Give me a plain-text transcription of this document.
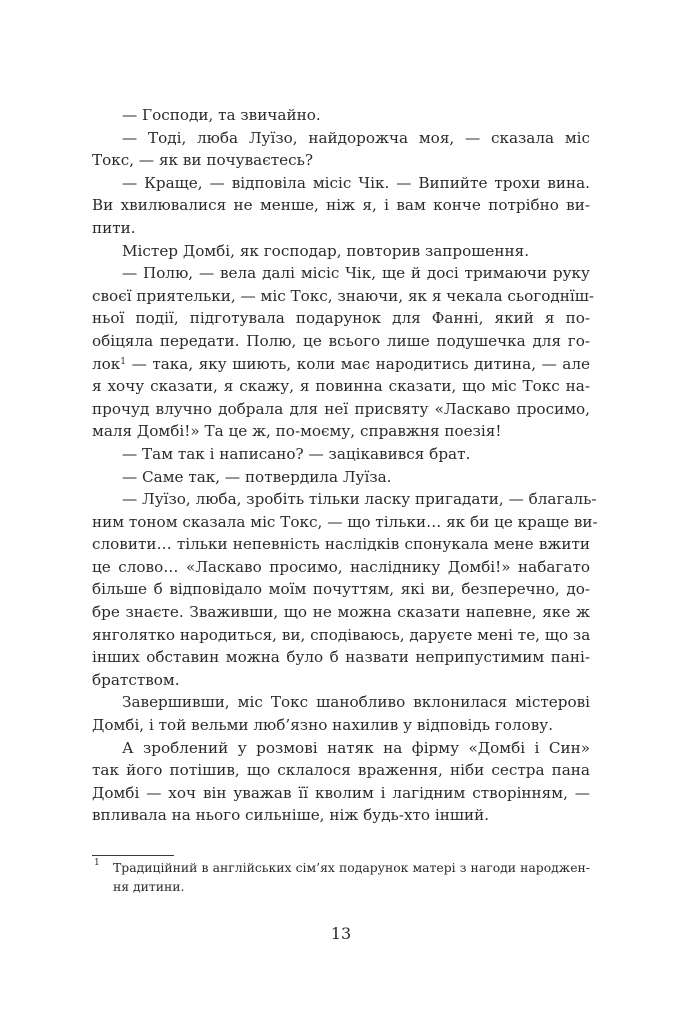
— Господи, та звичайно.
— Тоді, люба Луїзо, найдорожча моя, — сказала міс
Токс, — як ви почуваєтесь?
— Краще, — відповіла місіс Чік. — Випийте трохи вина.
Ви хвилювалися не менше, ніж я, і вам конче потрібно ви-
пити.
Містер Домбі, як господар, повторив запрошення.
— Полю, — вела далі місіс Чік, ще й досі тримаючи руку
своєї приятельки, — міс Токс, знаючи, як я чекала сьогоднїш-
ньої події, підготувала подарунок для Фанні, який я по-
обіцяла передати. Полю, це всього лише подушечка для го-
лок$^1$ — така, яку шиють, коли має народитись дитина, — але
я хочу сказати, я скажу, я повинна сказати, що міс Токс на-
прочуд влучно добрала для неї присвяту «Ласкаво просимо,
маля Домбі!» Та це ж, по-моєму, справжня поезія!
— Там так і написано? — зацікавився брат.
— Саме так, — потвердила Луїза.
— Луїзо, люба, зробіть тільки ласку пригадати, — благаль-
ним тоном сказала міс Токс, — що тільки… як би це краще ви-
словити… тільки непевність наслідків спонукала мене вжити
це слово… «Ласкаво просимо, наслiднику Домбі!» набагато
більше б відповідало моїм почуттям, які ви, безперечно, до-
бре знаєте. Зваживши, що не можна сказати напевне, яке ж
янголятко народиться, ви, сподіваюсь, даруєте мені те, що за
інших обставин можна було б назвати неприпустимим пані-
братством.
Завершивши, міс Токс шанобливо вклонилася містерові
Домбі, і той вельми люб’язно нахилив у відповідь голову.
А зроблений у розмові натяк на фірму «Домбі і Син»
так його потішив, що склалося враження, ніби сестра пана
Домбі — хоч він уважав її кволим і лагідним створінням, —
впливала на нього сильніше, ніж будь-хто інший.
1	Традиційний в англійських сім’ях подарунок матері з нагоди народжен-
ня дитини.
13
